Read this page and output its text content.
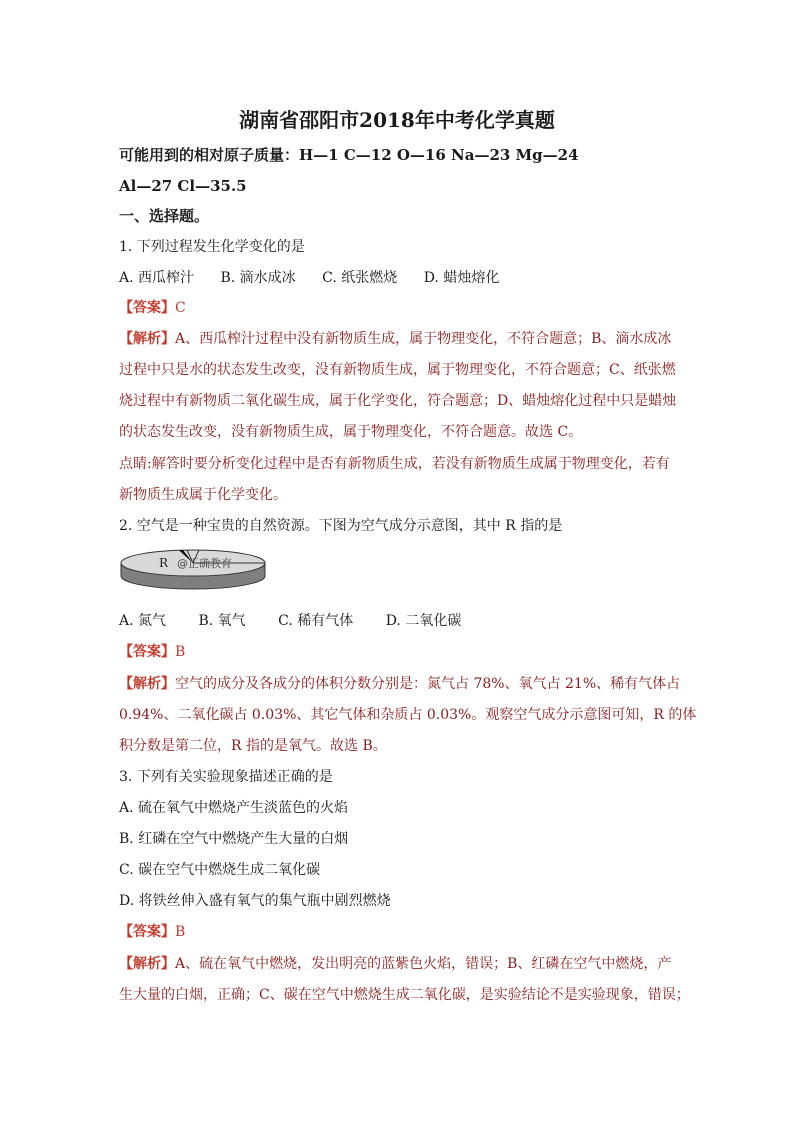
湖南省邵阳市2018年中考化学真题
可能用到的相对原子质量：H—1 C—12 O—16 Na—23 Mg—24
Al—27 Cl—35.5
一、选择题。
1. 下列过程发生化学变化的是
A. 西瓜榨汁 B. 滴水成冰 C. 纸张燃烧 D. 蜡烛熔化
【答案】C
【解析】A、西瓜榨汁过程中没有新物质生成，属于物理变化，不符合题意；B、滴水成冰
过程中只是水的状态发生改变，没有新物质生成，属于物理变化，不符合题意；C、纸张燃
烧过程中有新物质二氧化碳生成，属于化学变化，符合题意；D、蜡烛熔化过程中只是蜡烛
的状态发生改变，没有新物质生成，属于物理变化，不符合题意。故选 C。
点睛:解答时要分析变化过程中是否有新物质生成，若没有新物质生成属于物理变化，若有
新物质生成属于化学变化。
2. 空气是一种宝贵的自然资源。下图为空气成分示意图，其中 R 指的是
R @正确教育
A. 氮气 B. 氧气 C. 稀有气体 D. 二氧化碳
【答案】B
【解析】空气的成分及各成分的体积分数分别是：氮气占 78%、氧气占 21%、稀有气体占
0.94%、二氧化碳占 0.03%、其它气体和杂质占 0.03%。观察空气成分示意图可知，R 的体
积分数是第二位，R 指的是氧气。故选 B。
3. 下列有关实验现象描述正确的是
A. 硫在氧气中燃烧产生淡蓝色的火焰
B. 红磷在空气中燃烧产生大量的白烟
C. 碳在空气中燃烧生成二氧化碳
D. 将铁丝伸入盛有氧气的集气瓶中剧烈燃烧
【答案】B
【解析】A、硫在氧气中燃烧，发出明亮的蓝紫色火焰，错误；B、红磷在空气中燃烧，产
生大量的白烟，正确；C、碳在空气中燃烧生成二氧化碳，是实验结论不是实验现象，错误；
